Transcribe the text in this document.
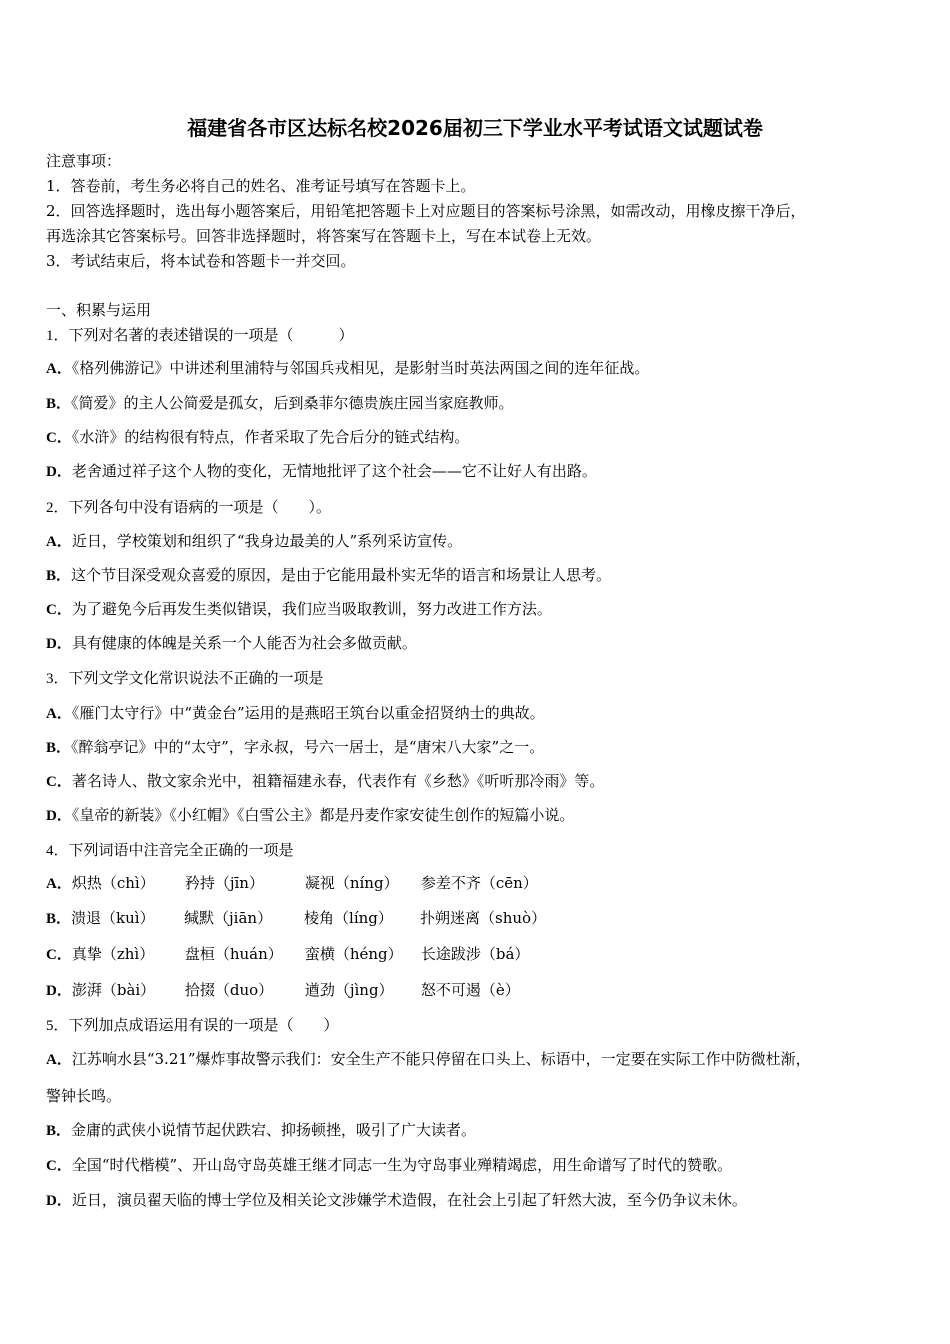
福建省各市区达标名校2026届初三下学业水平考试语文试题试卷
注意事项：
1．答卷前，考生务必将自己的姓名、准考证号填写在答题卡上。
2．回答选择题时，选出每小题答案后，用铅笔把答题卡上对应题目的答案标号涂黑，如需改动，用橡皮擦干净后，
再选涂其它答案标号。回答非选择题时，将答案写在答题卡上，写在本试卷上无效。
3．考试结束后，将本试卷和答题卡一并交回。
一、积累与运用
1．下列对名著的表述错误的一项是（　　　）
A．《格列佛游记》中讲述利里浦特与邻国兵戎相见，是影射当时英法两国之间的连年征战。
B．《简爱》的主人公简爱是孤女，后到桑菲尔德贵族庄园当家庭教师。
C．《水浒》的结构很有特点，作者采取了先合后分的链式结构。
D．老舍通过祥子这个人物的变化，无情地批评了这个社会——它不让好人有出路。
2．下列各句中没有语病的一项是（　　）。
A．近日，学校策划和组织了“我身边最美的人”系列采访宣传。
B．这个节目深受观众喜爱的原因，是由于它能用最朴实无华的语言和场景让人思考。
C．为了避免今后再发生类似错误，我们应当吸取教训，努力改进工作方法。
D．具有健康的体魄是关系一个人能否为社会多做贡献。
3．下列文学文化常识说法不正确的一项是
A．《雁门太守行》中“黄金台”运用的是燕昭王筑台以重金招贤纳士的典故。
B．《醉翁亭记》中的“太守”，字永叔，号六一居士，是“唐宋八大家”之一。
C．著名诗人、散文家余光中，祖籍福建永春，代表作有《乡愁》《听听那冷雨》等。
D．《皇帝的新装》《小红帽》《白雪公主》都是丹麦作家安徒生创作的短篇小说。
4．下列词语中注音完全正确的一项是
A．炽热（chì） 矜持（jīn）	凝视（níng） 参差不齐（cēn）
B．溃退（kuì） 缄默（jiān） 棱角（líng） 扑朔迷离（shuò）
C．真挚（zhì） 盘桓（huán） 蛮横（héng） 长途跋涉（bá）
D．澎湃（bài） 拾掇（duo） 遒劲（jìng） 怒不可遏（è）
5．下列加点成语运用有误的一项是（　　）
A．江苏响水县“3.21”爆炸事故警示我们：安全生产不能只停留在口头上、标语中，一定要在实际工作中防微杜渐，
警钟长鸣。
B．金庸的武侠小说情节起伏跌宕、抑扬顿挫，吸引了广大读者。
C．全国“时代楷模”、开山岛守岛英雄王继才同志一生为守岛事业殚精竭虑，用生命谱写了时代的赞歌。
D．近日，演员翟天临的博士学位及相关论文涉嫌学术造假，在社会上引起了轩然大波，至今仍争议未休。
